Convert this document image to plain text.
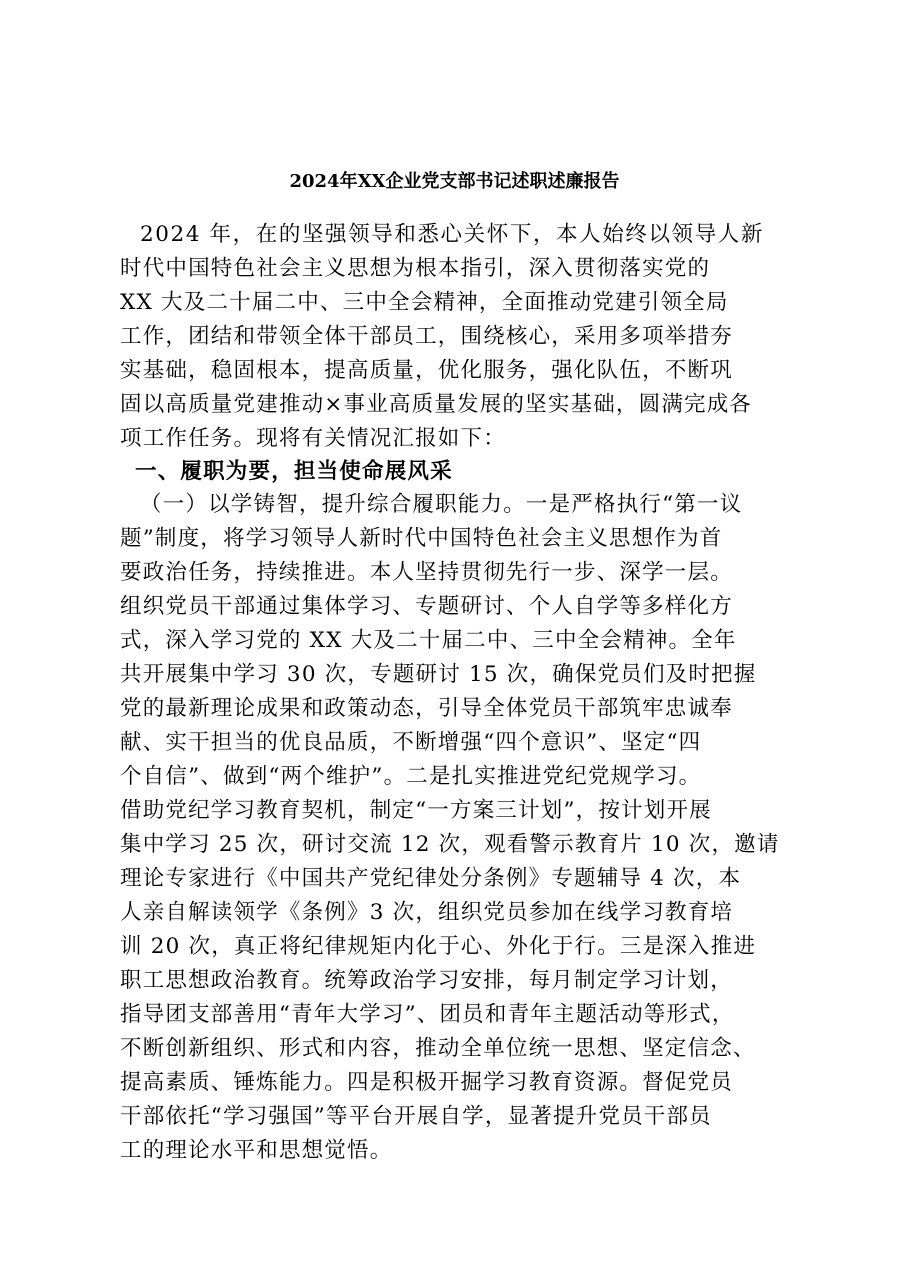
2024年XX企业党支部书记述职述廉报告
2024 年，在的坚强领导和悉心关怀下，本人始终以领导人新
时代中国特色社会主义思想为根本指引，深入贯彻落实党的
XX 大及二十届二中、三中全会精神，全面推动党建引领全局
工作，团结和带领全体干部员工，围绕核心，采用多项举措夯
实基础，稳固根本，提高质量，优化服务，强化队伍，不断巩
固以高质量党建推动×事业高质量发展的坚实基础，圆满完成各
项工作任务。现将有关情况汇报如下：
一、履职为要，担当使命展风采
（一）以学铸智，提升综合履职能力。一是严格执行“第一议
题”制度，将学习领导人新时代中国特色社会主义思想作为首
要政治任务，持续推进。本人坚持贯彻先行一步、深学一层。
组织党员干部通过集体学习、专题研讨、个人自学等多样化方
式，深入学习党的 XX 大及二十届二中、三中全会精神。全年
共开展集中学习 30 次，专题研讨 15 次，确保党员们及时把握
党的最新理论成果和政策动态，引导全体党员干部筑牢忠诚奉
献、实干担当的优良品质，不断增强“四个意识”、坚定“四
个自信”、做到“两个维护”。二是扎实推进党纪党规学习。
借助党纪学习教育契机，制定“一方案三计划”，按计划开展
集中学习 25 次，研讨交流 12 次，观看警示教育片 10 次，邀请
理论专家进行《中国共产党纪律处分条例》专题辅导 4 次，本
人亲自解读领学《条例》3 次，组织党员参加在线学习教育培
训 20 次，真正将纪律规矩内化于心、外化于行。三是深入推进
职工思想政治教育。统筹政治学习安排，每月制定学习计划，
指导团支部善用“青年大学习”、团员和青年主题活动等形式，
不断创新组织、形式和内容，推动全单位统一思想、坚定信念、
提高素质、锤炼能力。四是积极开掘学习教育资源。督促党员
干部依托“学习强国”等平台开展自学，显著提升党员干部员
工的理论水平和思想觉悟。
